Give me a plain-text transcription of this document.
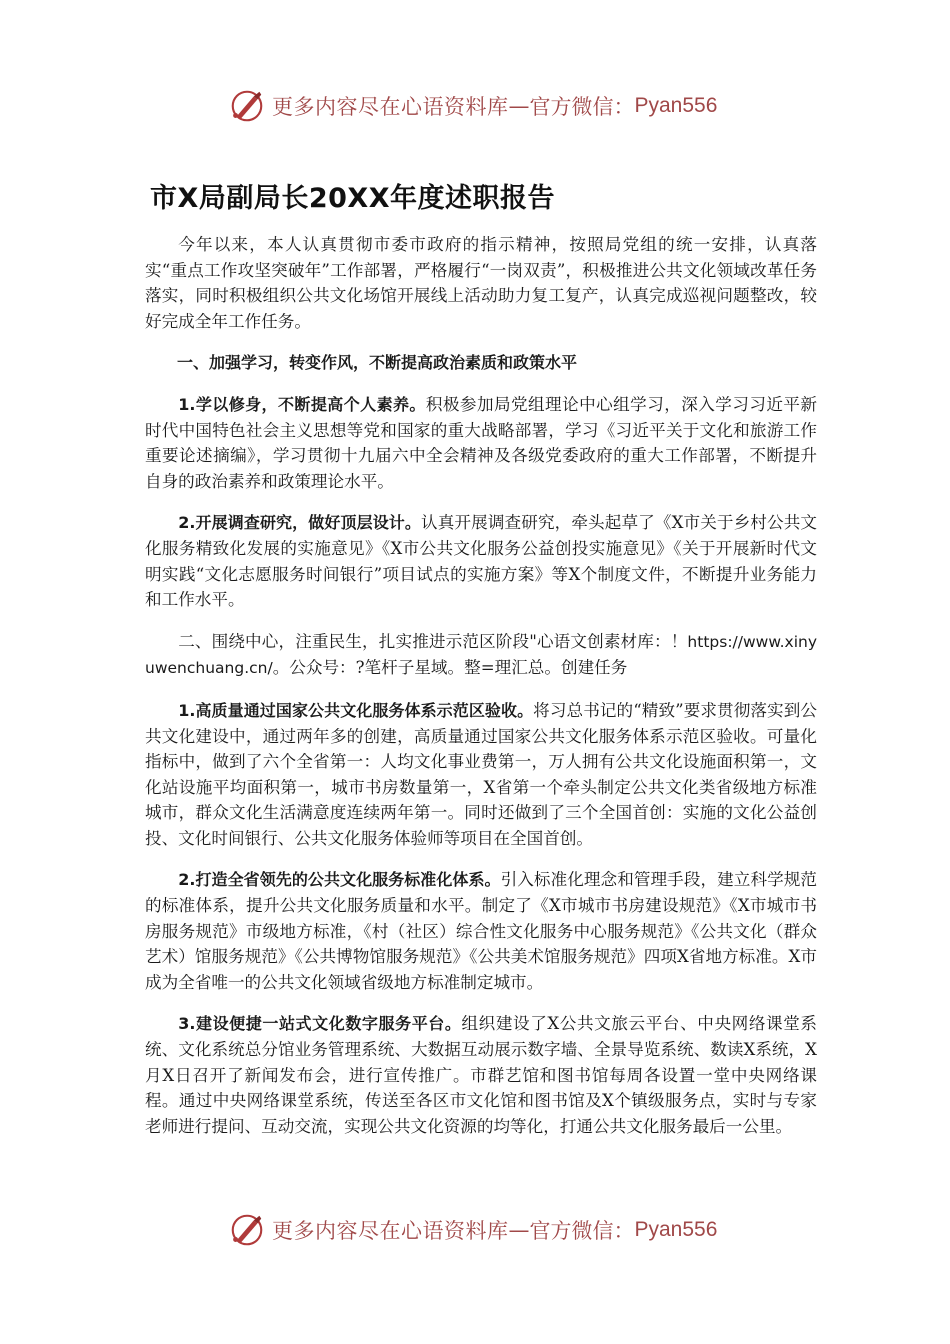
更多内容尽在心语资料库 — 官方微信： Pyan556
市X局副局长20XX年度述职报告

今年以来，本人认真贯彻市委市政府的指示精神，按照局党组的统一安排，认真落实“重点工作攻坚突破年”工作部署，严格履行“一岗双责”，积极推进公共文化领域改革任务落实，同时积极组织公共文化场馆开展线上活动助力复工复产，认真完成巡视问题整改，较好完成全年工作任务。

一、加强学习，转变作风，不断提高政治素质和政策水平

1.学以修身，不断提高个人素养。积极参加局党组理论中心组学习，深入学习习近平新时代中国特色社会主义思想等党和国家的重大战略部署，学习《习近平关于文化和旅游工作重要论述摘编》，学习贯彻十九届六中全会精神及各级党委政府的重大工作部署，不断提升自身的政治素养和政策理论水平。

2.开展调查研究，做好顶层设计。认真开展调查研究，牵头起草了《X市关于乡村公共文化服务精致化发展的实施意见》《X市公共文化服务公益创投实施意见》《关于开展新时代文明实践“文化志愿服务时间银行”项目试点的实施方案》等X个制度文件，不断提升业务能力和工作水平。

二、围绕中心，注重民生，扎实推进示范区阶段"心语文创素材库：！https://www.xinyuwenchuang.cn/。公众号：?笔杆子星域。整=理汇总。创建任务

1.高质量通过国家公共文化服务体系示范区验收。将习总书记的“精致”要求贯彻落实到公共文化建设中，通过两年多的创建，高质量通过国家公共文化服务体系示范区验收。可量化指标中，做到了六个全省第一：人均文化事业费第一，万人拥有公共文化设施面积第一，文化站设施平均面积第一，城市书房数量第一，X省第一个牵头制定公共文化类省级地方标准城市，群众文化生活满意度连续两年第一。同时还做到了三个全国首创：实施的文化公益创投、文化时间银行、公共文化服务体验师等项目在全国首创。

2.打造全省领先的公共文化服务标准化体系。引入标准化理念和管理手段，建立科学规范的标准体系，提升公共文化服务质量和水平。制定了《X市城市书房建设规范》《X市城市书房服务规范》市级地方标准，《村（社区）综合性文化服务中心服务规范》《公共文化（群众艺术）馆服务规范》《公共博物馆服务规范》《公共美术馆服务规范》四项X省地方标准。X市成为全省唯一的公共文化领域省级地方标准制定城市。

3.建设便捷一站式文化数字服务平台。组织建设了X公共文旅云平台、中央网络课堂系统、文化系统总分馆业务管理系统、大数据互动展示数字墙、全景导览系统、数读X系统，X月X日召开了新闻发布会，进行宣传推广。市群艺馆和图书馆每周各设置一堂中央网络课程。通过中央网络课堂系统，传送至各区市文化馆和图书馆及X个镇级服务点，实时与专家老师进行提问、互动交流，实现公共文化资源的均等化，打通公共文化服务最后一公里。

更多内容尽在心语资料库 — 官方微信： Pyan556
